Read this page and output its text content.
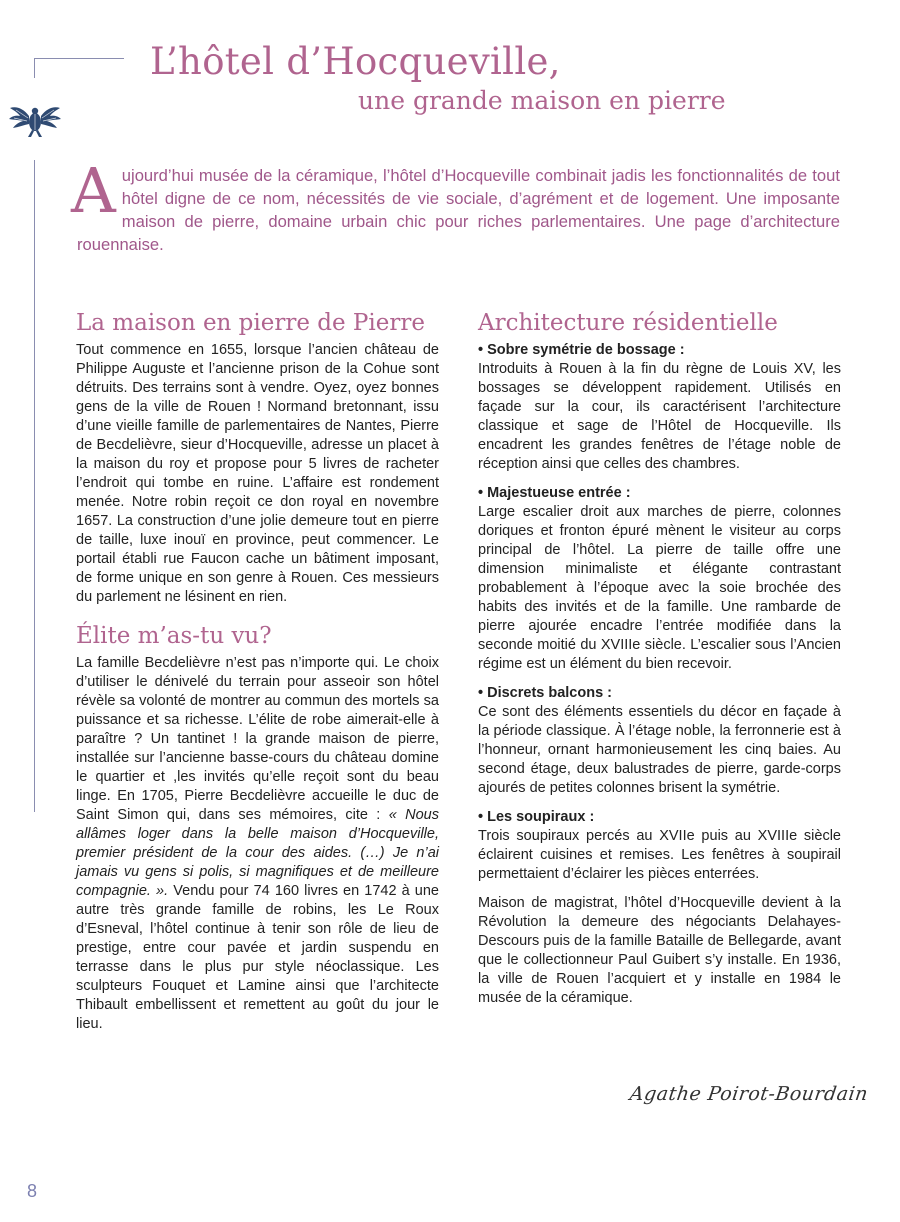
L’hôtel d’Hocqueville,
une grande maison en pierre

Aujourd’hui musée de la céramique, l’hôtel d’Hocqueville combinait jadis les fonctionnalités de tout hôtel digne de ce nom, nécessités de vie sociale, d’agrément et de logement. Une imposante maison de pierre, domaine urbain chic pour riches parlementaires. Une page d’architecture rouennaise.

La maison en pierre de Pierre

Tout commence en 1655, lorsque l’ancien château de Philippe Auguste et l’ancienne prison de la Cohue sont détruits. Des terrains sont à vendre. Oyez, oyez bonnes gens de la ville de Rouen ! Normand bretonnant, issu d’une vieille famille de parlementaires de Nantes, Pierre de Becdelièvre, sieur d’Hocqueville, adresse un placet à la maison du roy et propose pour 5 livres de racheter l’endroit qui tombe en ruine. L’affaire est rondement menée. Notre robin reçoit ce don royal en novembre 1657. La construction d’une jolie demeure tout en pierre de taille, luxe inouï en province, peut commencer. Le portail établi rue Faucon cache un bâtiment imposant, de forme unique en son genre à Rouen. Ces messieurs du parlement ne lésinent en rien.

Élite m’as-tu vu?

La famille Becdelièvre n’est pas n’importe qui. Le choix d’utiliser le dénivelé du terrain pour asseoir son hôtel révèle sa volonté de montrer au commun des mortels sa puissance et sa richesse. L’élite de robe aimerait-elle à paraître ? Un tantinet ! la grande maison de pierre, installée sur l’ancienne basse-cours du château domine le quartier et ,les invités qu’elle reçoit sont du beau linge. En 1705, Pierre Becdelièvre accueille le duc de Saint Simon qui, dans ses mémoires, cite : « Nous allâmes loger dans la belle maison d’Hocqueville, premier président de la cour des aides. (…) Je n’ai jamais vu gens si polis, si magnifiques et de meilleure compagnie. ». Vendu pour 74 160 livres en 1742 à une autre très grande famille de robins, les Le Roux d’Esneval, l’hôtel continue à tenir son rôle de lieu de prestige, entre cour pavée et jardin suspendu en terrasse dans le plus pur style néoclassique. Les sculpteurs Fouquet et Lamine ainsi que l’architecte Thibault embellissent et remettent au goût du jour le lieu.

Architecture résidentielle
• Sobre symétrie de bossage :

Introduits à Rouen à la fin du règne de Louis XV, les bossages se développent rapidement. Utilisés en façade sur la cour, ils caractérisent l’architecture classique et sage de l’Hôtel de Hocqueville. Ils encadrent les grandes fenêtres de l’étage noble de réception ainsi que celles des chambres.

• Majestueuse entrée :

Large escalier droit aux marches de pierre, colonnes doriques et fronton épuré mènent le visiteur au corps principal de l’hôtel. La pierre de taille offre une dimension minimaliste et élégante contrastant probablement à l’époque avec la soie brochée des habits des invités et de la famille. Une rambarde de pierre ajourée encadre l’entrée modifiée dans la seconde moitié du XVIIIe siècle. L’escalier sous l’Ancien régime est un élément du bien recevoir.

• Discrets balcons :

Ce sont des éléments essentiels du décor en façade à la période classique. À l’étage noble, la ferronnerie est à l’honneur, ornant harmonieusement les cinq baies. Au second étage, deux balustrades de pierre, garde-corps ajourés de petites colonnes brisent la symétrie.

• Les soupiraux :

Trois soupiraux percés au XVIIe puis au XVIIIe siècle éclairent cuisines et remises. Les fenêtres à soupirail permettaient d’éclairer les pièces enterrées.

Maison de magistrat, l’hôtel d’Hocqueville devient à la Révolution la demeure des négociants Delahayes-Descours puis de la famille Bataille de Bellegarde, avant que le collectionneur Paul Guibert s’y installe. En 1936, la ville de Rouen l’acquiert et y installe en 1984 le musée de la céramique.

Agathe Poirot-Bourdain
8
